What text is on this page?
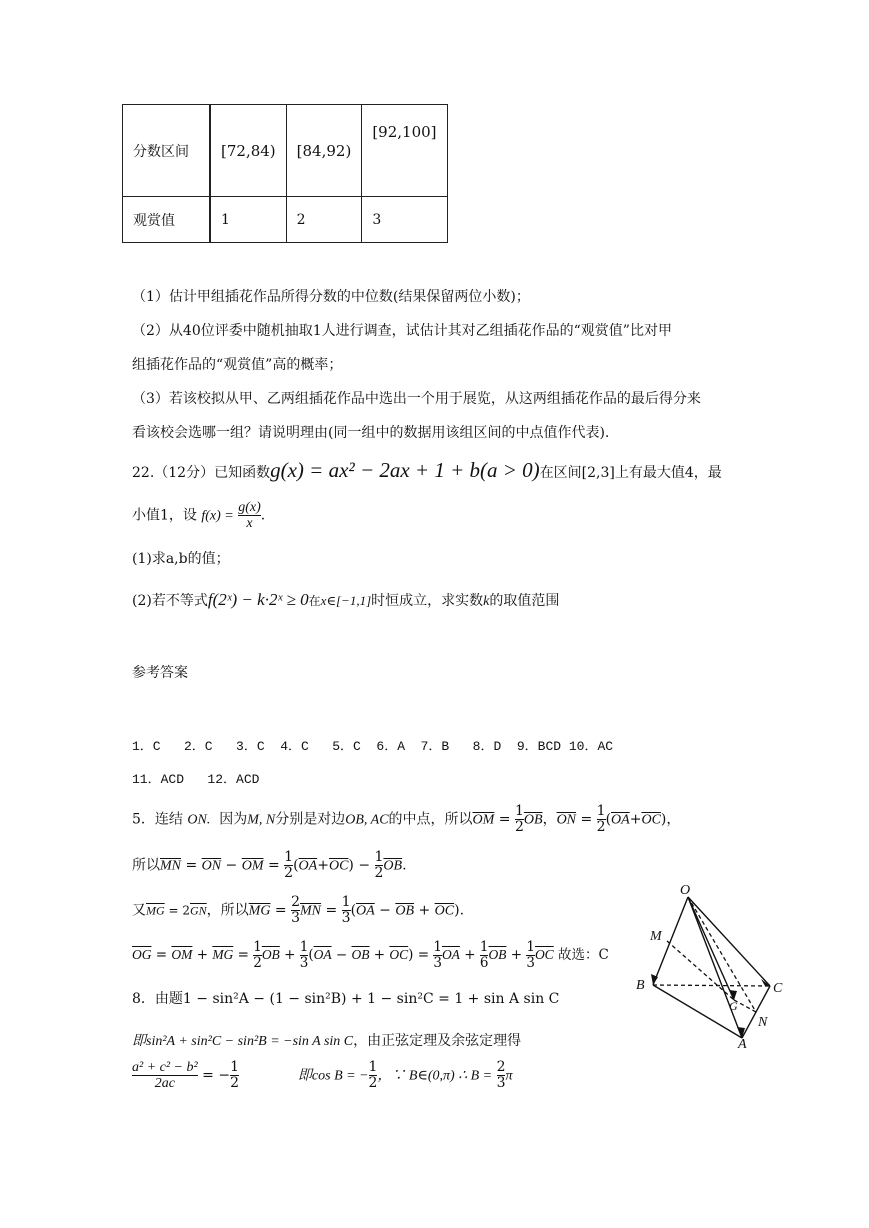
分数区间	[72,84)	[84,92)	[92,100]
观赏值	1	2	3
（1）估计甲组插花作品所得分数的中位数(结果保留两位小数)；
（2）从40位评委中随机抽取1人进行调查，试估计其对乙组插花作品的“观赏值”比对甲
组插花作品的“观赏值”高的概率；
（3）若该校拟从甲、乙两组插花作品中选出一个用于展览，从这两组插花作品的最后得分来
看该校会选哪一组？请说明理由(同一组中的数据用该组区间的中点值作代表).
22.（12分）已知函数g(x) = ax² − 2ax + 1 + b(a > 0)在区间[2,3]上有最大值4，最
小值1，设 $f(x) = \frac{g(x)}{x}$ .
(1)求a,b的值；
(2)若不等式f(2ˣ) − k·2ˣ ≥ 0在x∈[−1,1]时恒成立，求实数k的取值范围
参考答案
1．C   2．C   3．C  4．C   5．C  6．A  7．B   8．D  9．BCD 10．AC
11．ACD   12．ACD
5．连结 ON. 因为M, N分别是对边OB, AC的中点，所以$\overline{OM} = \frac{1}{2} \overline{OB}$，$\overline{ON} = \frac{1}{2} (\overline{OA}+\overline{OC})$，
所以$\overline{MN} = \overline{ON} - \overline{OM} = \frac{1}{2} (\overline{OA}+\overline{OC}) - \frac{1}{2} \overline{OB}$.
又$\overline{MG} = 2\overline{GN}$，所以$\overline{MG} = \frac{2}{3} \overline{MN} = \frac{1}{3} (\overline{OA} - \overline{OB} + \overline{OC})$.
$\overline{OG} = \overline{OM} + \overline{MG} = \frac{1}{2} \overline{OB} + \frac{1}{3} (\overline{OA} - \overline{OB} + \overline{OC}) = \frac{1}{3} \overline{OA} + \frac{1}{6} \overline{OB} + \frac{1}{3} \overline{OC}$ 故选：C
8．由题1 − sin²A − (1 − sin²B) + 1 − sin²C = 1 + sin A sin C
即sin²A + sin²C − sin²B = −sin A sin C，由正弦定理及余弦定理得
$\frac{\text{a² + c² − b²}}{2ac}$ = − $\frac{1}{2}$	即cos B = − $\frac{1}{2}$ ，∵ B∈(0,π) ∴ $B = \frac{2}{3}$ π
O
M
B
G
C
N
A
